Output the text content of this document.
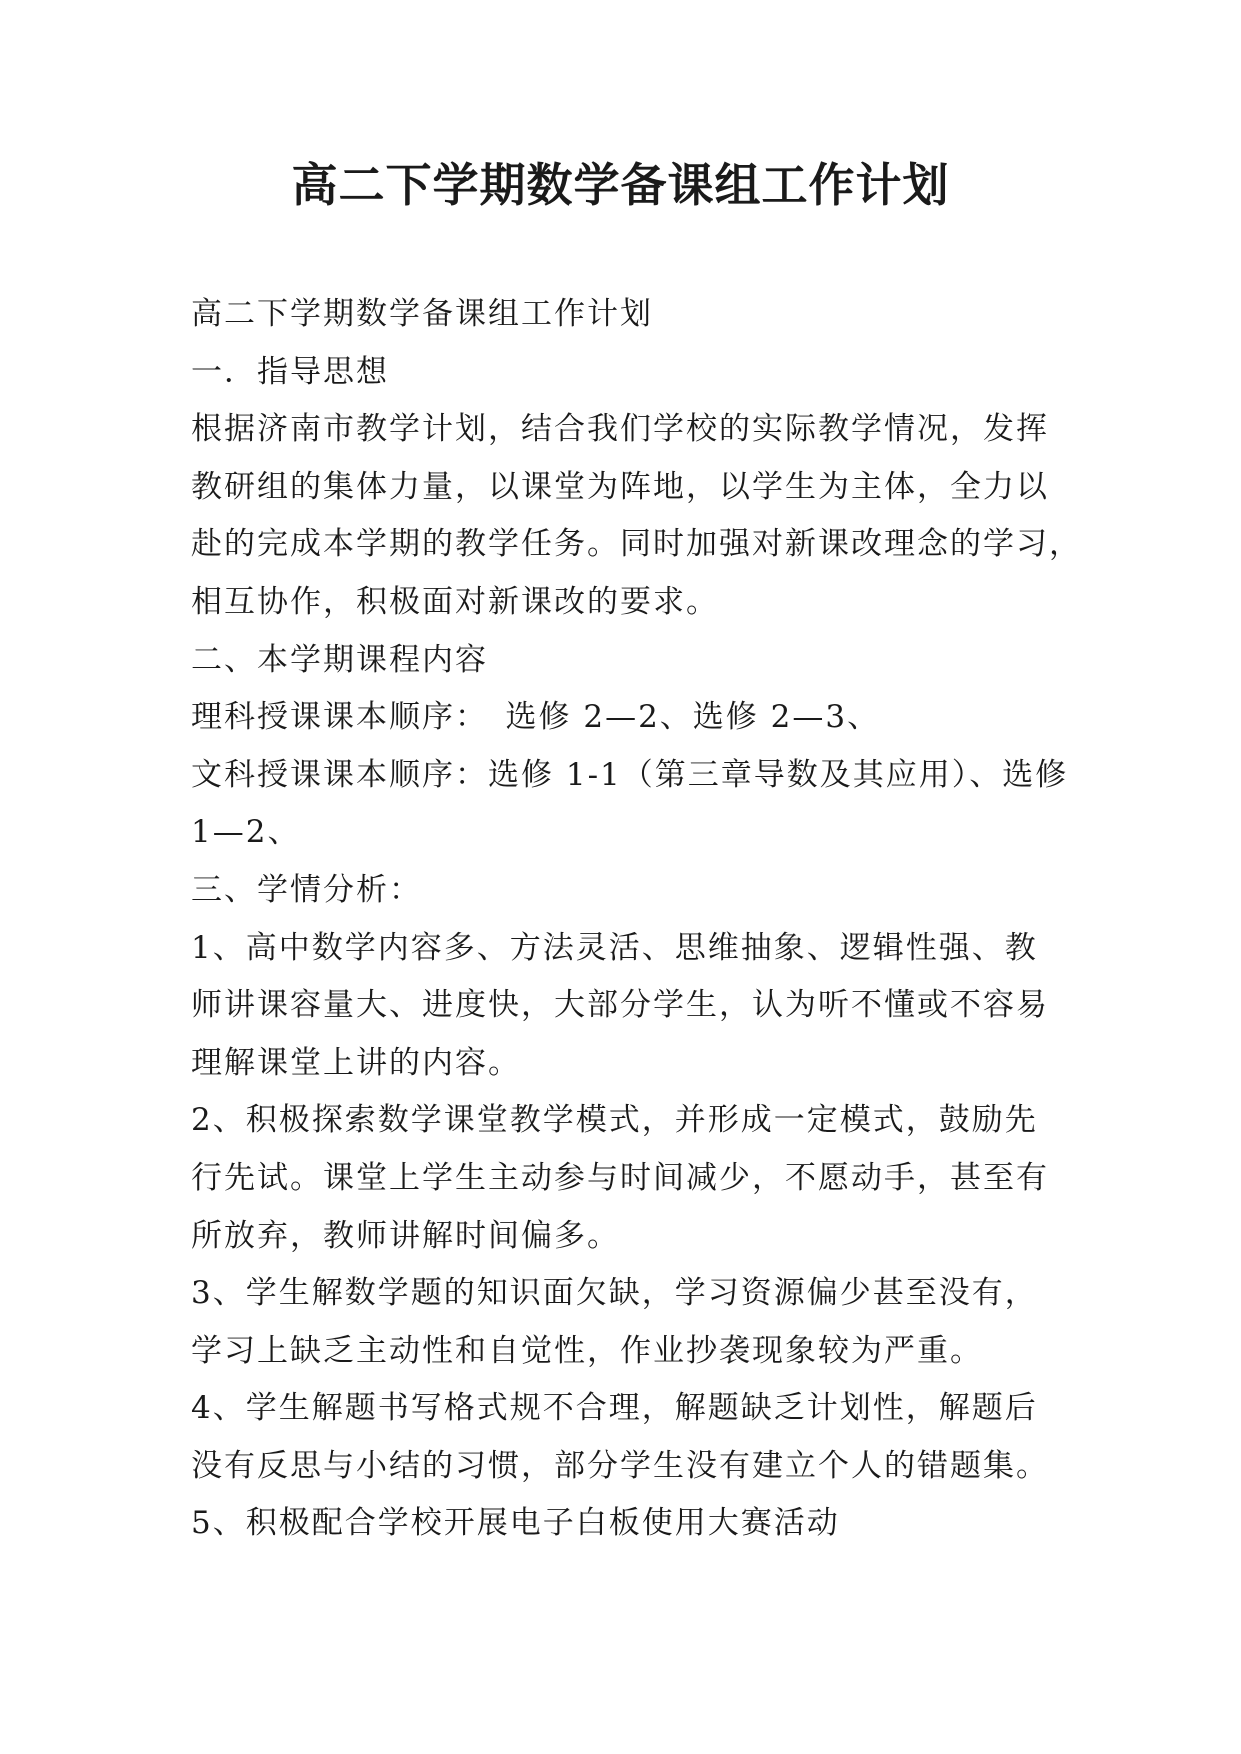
高二下学期数学备课组工作计划
高二下学期数学备课组工作计划
一．指导思想
根据济南市教学计划，结合我们学校的实际教学情况，发挥
教研组的集体力量，以课堂为阵地，以学生为主体，全力以
赴的完成本学期的教学任务。同时加强对新课改理念的学习，
相互协作，积极面对新课改的要求。
二、本学期课程内容
理科授课课本顺序：　选修 2—2、选修 2—3、
文科授课课本顺序：选修 1-1（第三章导数及其应用）、选修
1—2、
三、学情分析：
1、高中数学内容多、方法灵活、思维抽象、逻辑性强、教
师讲课容量大、进度快，大部分学生，认为听不懂或不容易
理解课堂上讲的内容。
2、积极探索数学课堂教学模式，并形成一定模式，鼓励先
行先试。课堂上学生主动参与时间减少，不愿动手，甚至有
所放弃，教师讲解时间偏多。
3、学生解数学题的知识面欠缺，学习资源偏少甚至没有，
学习上缺乏主动性和自觉性，作业抄袭现象较为严重。
4、学生解题书写格式规不合理，解题缺乏计划性，解题后
没有反思与小结的习惯，部分学生没有建立个人的错题集。
5、积极配合学校开展电子白板使用大赛活动
